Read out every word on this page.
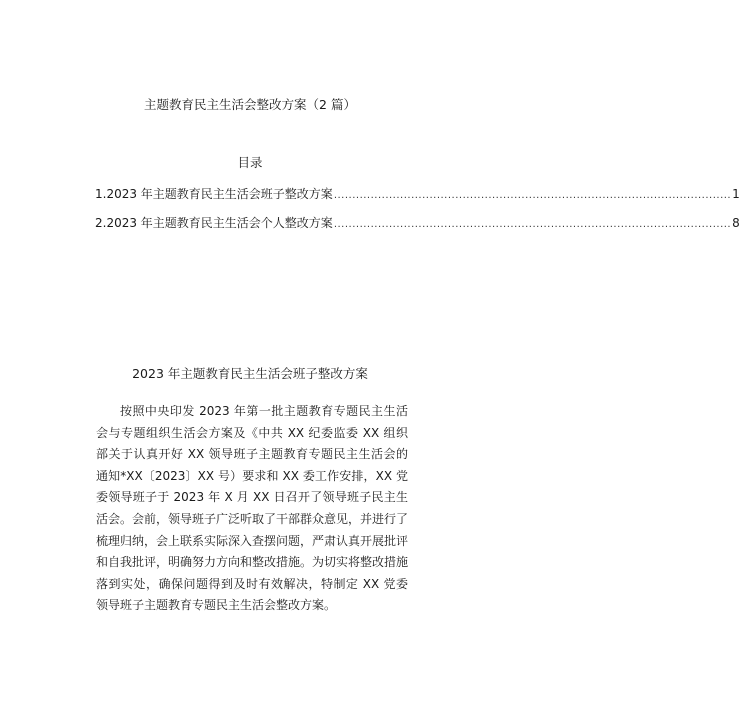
主题教育民主生活会整改方案（2 篇）
目录
1.2023 年主题教育民主生活会班子整改方案 ............................................................................................................ 1
2.2023 年主题教育民主生活会个人整改方案 ............................................................................................................ 8
2023 年主题教育民主生活会班子整改方案

按照中央印发 2023 年第一批主题教育专题民主生活会与专题组织生活会方案及《中共 XX 纪委监委 XX 组织部关于认真开好 XX 领导班子主题教育专题民主生活会的通知*XX〔2023〕XX 号）要求和 XX 委工作安排，XX 党委领导班子于 2023 年 X 月 XX 日召开了领导班子民主生活会。会前，领导班子广泛听取了干部群众意见，并进行了梳理归纳，会上联系实际深入查摆问题，严肃认真开展批评和自我批评，明确努力方向和整改措施。为切实将整改措施落到实处，确保问题得到及时有效解决，特制定 XX 党委领导班子主题教育专题民主生活会整改方案。
